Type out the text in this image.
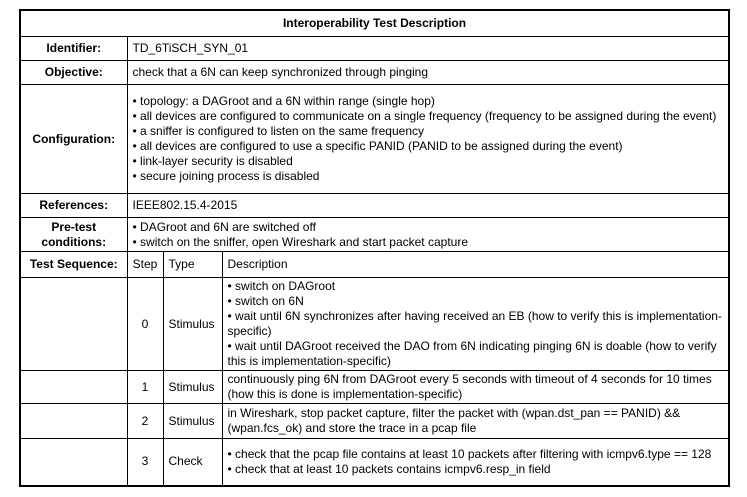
Interoperability Test Description			
Identifier:	TD_6TiSCH_SYN_01		
Objective:	check that a 6N can keep synchronized through pinging		
Configuration:	
• topology: a DAGroot and a 6N within range (single hop)
• all devices are configured to communicate on a single frequency (frequency to be assigned during the event)
• a sniffer is configured to listen on the same frequency
• all devices are configured to use a specific PANID (PANID to be assigned during the event)
• link-layer security is disabled
• secure joining process is disabled

References:	IEEE802.15.4-2015		
Pre-test conditions:	• DAGroot and 6N are switched off
• switch on the sniffer, open Wireshark and start packet capture

Test Sequence:	Step	Type	Description
	0	Stimulus	• switch on DAGroot
• switch on 6N
• wait until 6N synchronizes after having received an EB (how to verify this is implementation-specific)
• wait until DAGroot received the DAO from 6N indicating pinging 6N is doable (how to verify this is implementation-specific)

	1	Stimulus	continuously ping 6N from DAGroot every 5 seconds with timeout of 4 seconds for 10 times (how this is done is implementation-specific)
	2	Stimulus	in Wireshark, stop packet capture, filter the packet with (wpan.dst_pan == PANID) && (wpan.fcs_ok) and store the trace in a pcap file
	3	Check	• check that the pcap file contains at least 10 packets after filtering with icmpv6.type == 128
• check that at least 10 packets contains icmpv6.resp_in field
